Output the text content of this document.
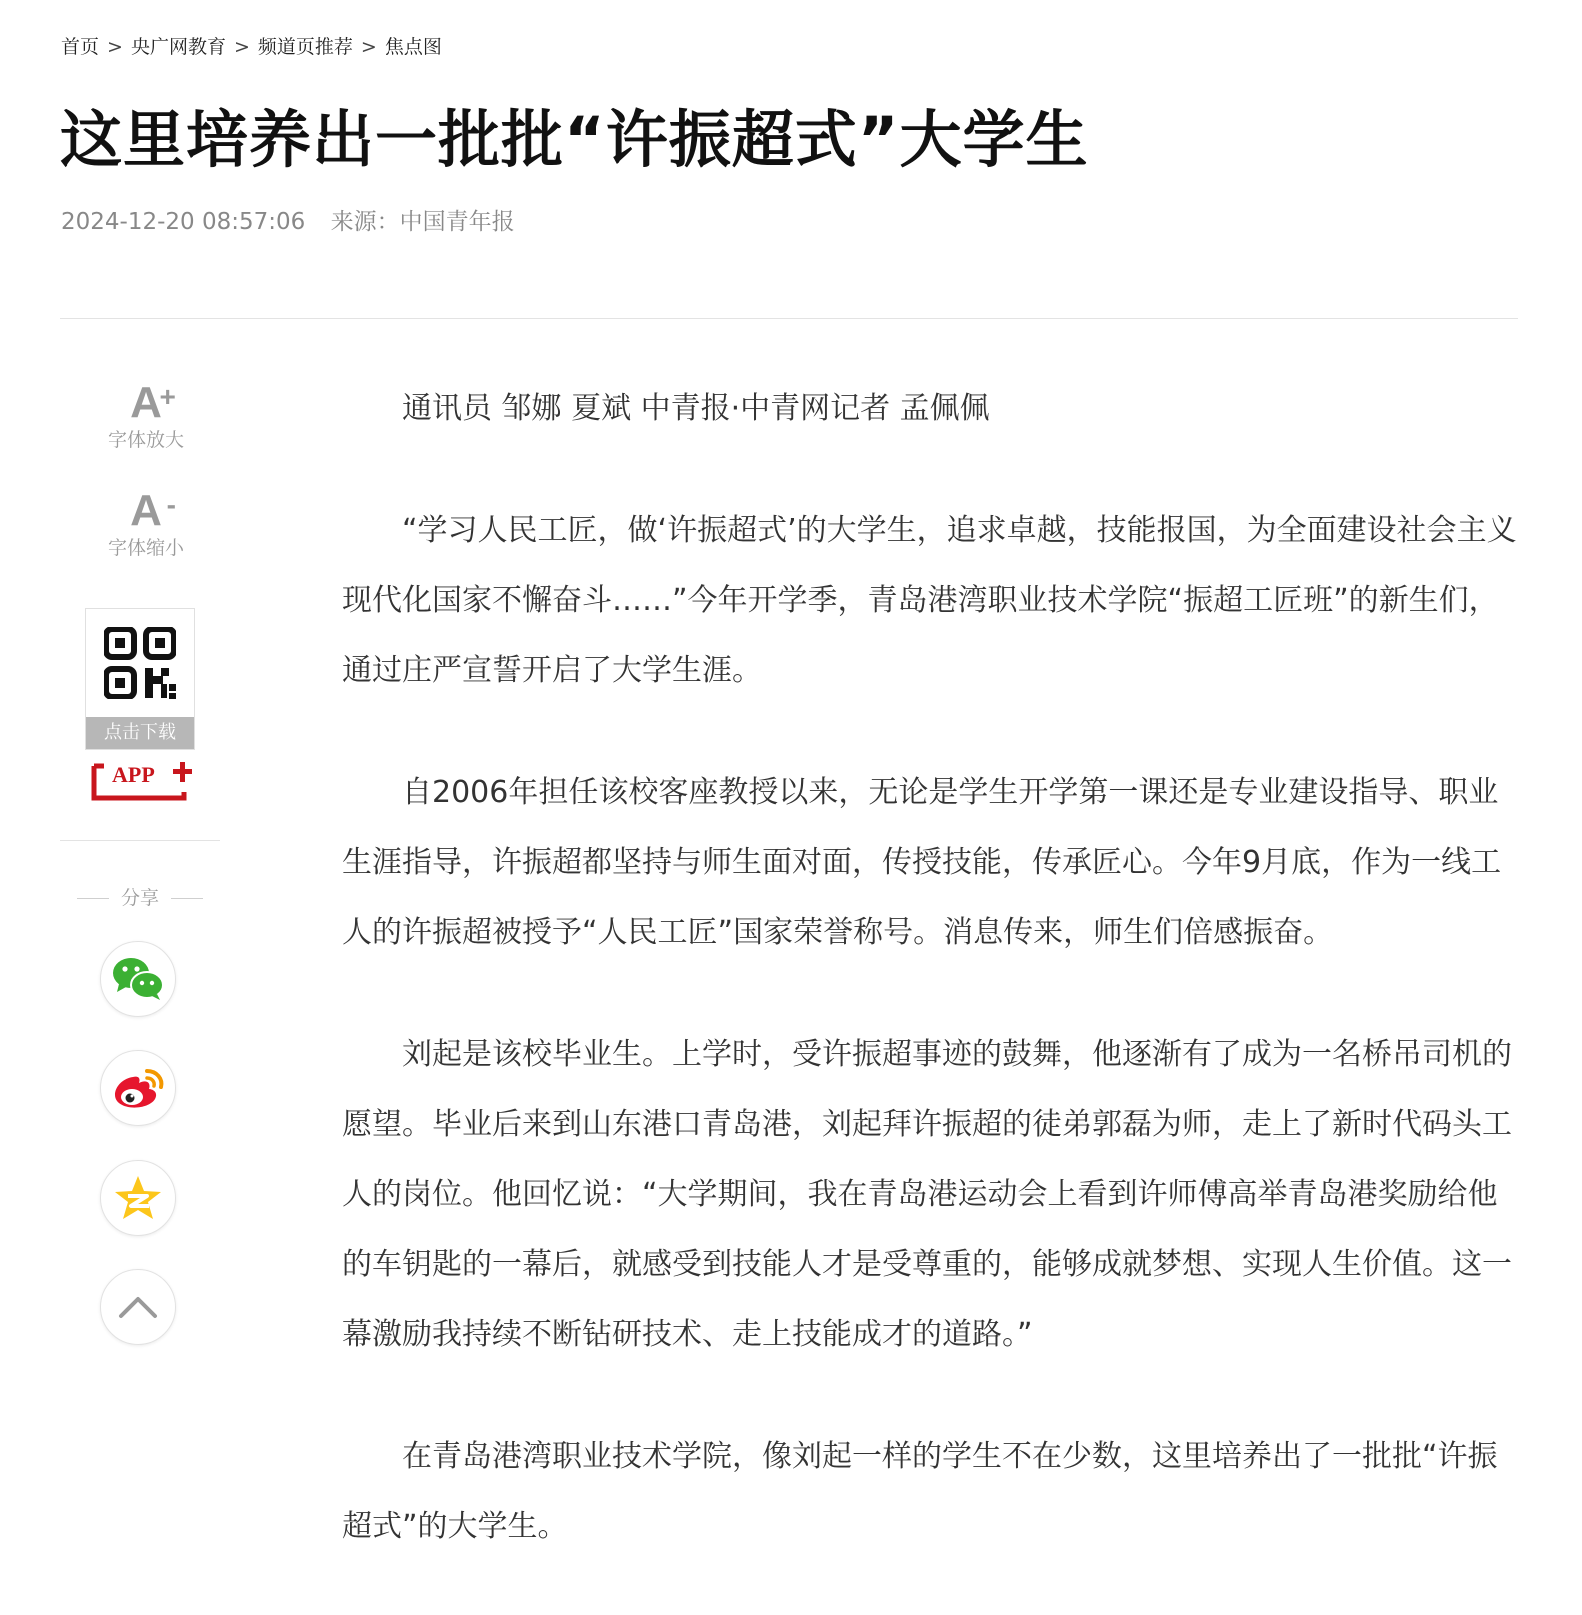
首页 > 央广网教育 > 频道页推荐 > 焦点图
这里培养出一批批“许振超式”大学生
2024-12-20 08:57:06 来源：中国青年报
A
+
字体放大
A -
字体缩小
点击下载
APP
分享

通讯员 邹娜 夏斌 中青报·中青网记者 孟佩佩

“学习人民工匠，做‘许振超式’的大学生，追求卓越，技能报国，为全面建设社会主义现代化国家不懈奋斗……”今年开学季，青岛港湾职业技术学院“振超工匠班”的新生们，通过庄严宣誓开启了大学生涯。

自2006年担任该校客座教授以来，无论是学生开学第一课还是专业建设指导、职业生涯指导，许振超都坚持与师生面对面，传授技能，传承匠心。今年9月底，作为一线工人的许振超被授予“人民工匠”国家荣誉称号。消息传来，师生们倍感振奋。

刘起是该校毕业生。上学时，受许振超事迹的鼓舞，他逐渐有了成为一名桥吊司机的愿望。毕业后来到山东港口青岛港，刘起拜许振超的徒弟郭磊为师，走上了新时代码头工人的岗位。他回忆说：“大学期间，我在青岛港运动会上看到许师傅高举青岛港奖励给他的车钥匙的一幕后，就感受到技能人才是受尊重的，能够成就梦想、实现人生价值。这一幕激励我持续不断钻研技术、走上技能成才的道路。”

在青岛港湾职业技术学院，像刘起一样的学生不在少数，这里培养出了一批批“许振超式”的大学生。
